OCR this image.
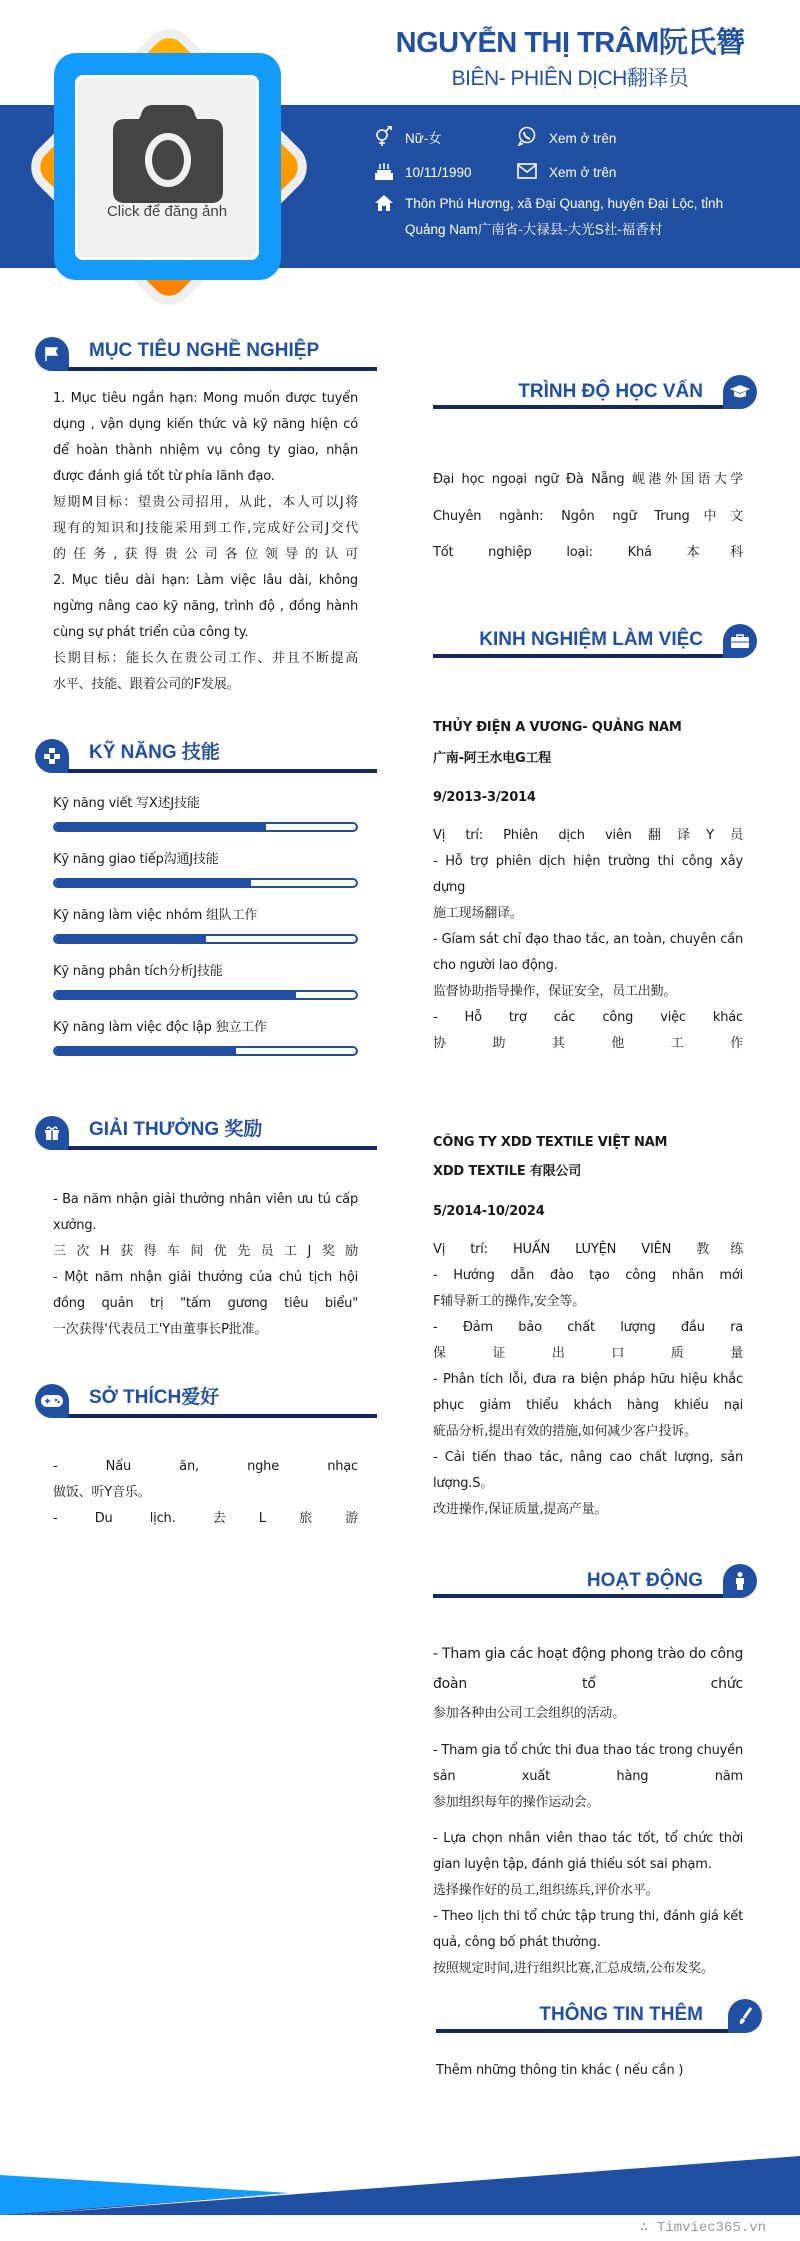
NGUYỄN THỊ TRÂM阮氏簪
BIÊN- PHIÊN DỊCH翻译员
Click để đăng ảnh
Nữ-女	Xem ở trên
10/11/1990	Xem ở trên
Thôn Phú Hương, xã Đại Quang, huyện Đại Lộc, tỉnh
Quảng Nam广南省-大禄县-大光S社-福香村
MỤC TIÊU NGHỀ NGHIỆP
1. Mục tiêu ngắn hạn: Mong muốn được tuyển
dụng , vận dụng kiến thức và kỹ năng hiện có
để hoàn thành nhiệm vụ công ty giao, nhận
được đánh giá tốt từ phía lãnh đạo.
短期M目标：望贵公司招用，从此，本人可以J将
现有的知识和J技能采用到工作,完成好公司J交代
的任务,获得贵公司各位领导的认可
2. Mục tiêu dài hạn: Làm việc lâu dài, không
ngừng nâng cao kỹ năng, trình độ , đồng hành
cùng sự phát triển của công ty.
长期目标：能长久在贵公司工作、并且不断提高
水平、技能、跟着公司的F发展。
KỸ NĂNG 技能
Kỹ năng viết 写X述J技能
Kỹ năng giao tiếp沟通J技能
Kỹ năng làm việc nhóm 组队工作
Kỹ năng phân tích分析J技能
Kỹ năng làm việc độc lập 独立工作
GIẢI THƯỞNG 奖励
- Ba năm nhận giải thưởng nhân viên ưu tú cấp
xưởng.
三次H获得车间优先员工J奖励
- Một năm nhận giải thưởng của chủ tịch hội
đồng quản trị "tấm gương tiêu biểu"
一次获得'代表员工'Y由董事长P批准。
SỞ THÍCH爱好
- Nấu ăn, nghe nhạc
做饭、听Y音乐。
- Du lịch. 去L旅游
TRÌNH ĐỘ HỌC VẤN
Đại học ngoại ngữ Đà Nẵng 岘港外国语大学
Chuyên ngành: Ngôn ngữ Trung中文
Tốt nghiệp loại: Khá 本科
KINH NGHIỆM LÀM VIỆC
THỦY ĐIỆN A VƯƠNG- QUẢNG NAM
广南-阿王水电G工程
9/2013-3/2014
Vị trí: Phiên dịch viên翻译Y员
- Hỗ trợ phiên dịch hiện trường thi công xây
dựng
施工现场翻译。
- Gíam sát chỉ đạo thao tác, an toàn, chuyên cần
cho người lao động.
监督协助指导操作，保证安全，员工出勤。
- Hỗ trợ các công việc khác
协助其他工作
CÔNG TY XDD TEXTILE VIỆT NAM
XDD TEXTILE 有限公司
5/2014-10/2024
Vị trí: HUẤN LUYỆN VIÊN 教练
- Hướng dẫn đào tạo công nhân mới
F辅导新工的操作,安全等。
- Đảm bảo chất lượng đầu ra
保证出口质量
- Phân tích lỗi, đưa ra biện pháp hữu hiệu khắc
phục giảm thiểu khách hàng khiếu nại
疵品分析,提出有效的措施,如何减少客户投诉。
- Cải tiến thao tác, nâng cao chất lượng, sản
lượng.S。
改进操作,保证质量,提高产量。
HOẠT ĐỘNG
- Tham gia các hoạt động phong trào do công
đoàn tổ chức
参加各种由公司工会组织的活动。
- Tham gia tổ chức thi đua thao tác trong chuyền
sản xuất hàng năm
参加组织每年的操作运动会。
- Lựa chọn nhân viên thao tác tốt, tổ chức thời
gian luyện tập, đánh giá thiếu sót sai phạm.
选择操作好的员工,组织练兵,评价水平。
- Theo lịch thi tổ chức tập trung thi, đánh giá kết
quả, công bố phát thưởng.
按照规定时间,进行组织比赛,汇总成绩,公布发奖。
THÔNG TIN THÊM
Thêm những thông tin khác ( nếu cần )
∴ Timviec365.vn
